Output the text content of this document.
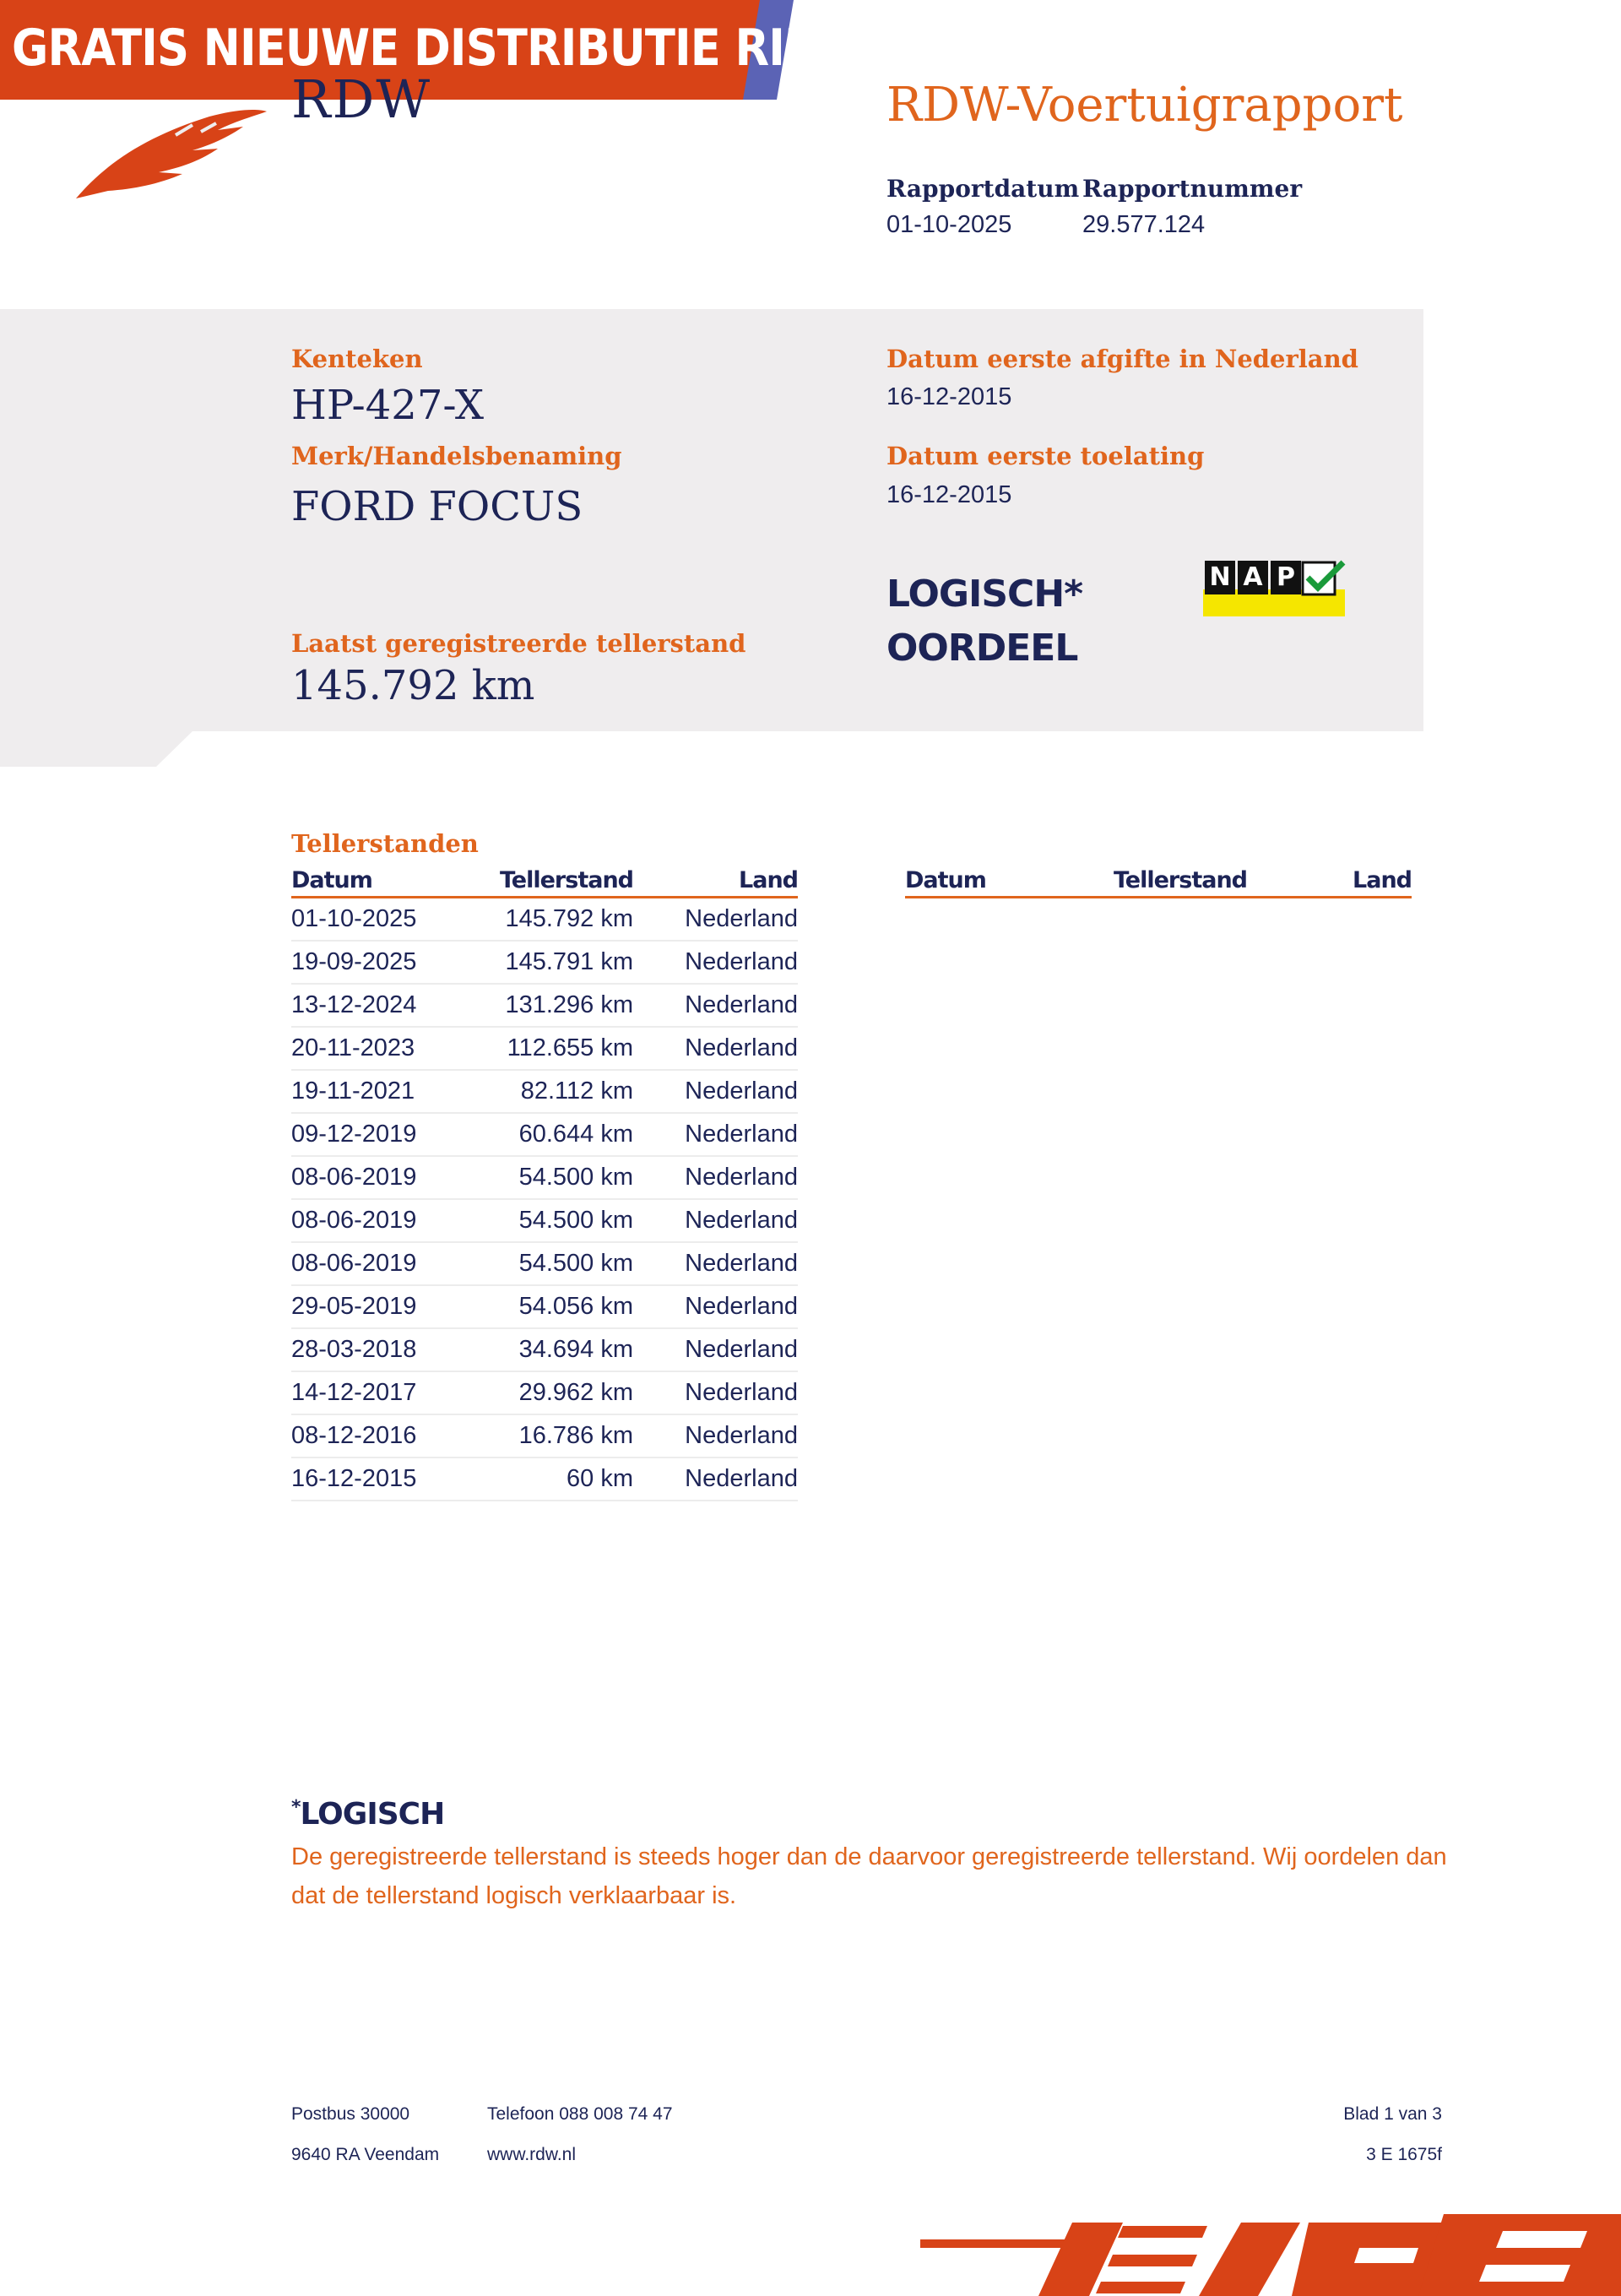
GRATIS NIEUWE DISTRIBUTIE RIEM
RDW	RDW-Voertuigrapport
Rapportdatum
01-10-2025
Rapportnummer
29.577.124
Kenteken
HP-427-X
Merk/Handelsbenaming
FORD FOCUS
Laatst geregistreerde tellerstand
145.792 km
Datum eerste afgifte in Nederland
16-12-2015
Datum eerste toelating
16-12-2015
LOGISCH*
OORDEEL
N A P
Tellerstanden
Datum	Tellerstand	Land
01-10-2025	145.792 km	Nederland
19-09-2025	145.791 km	Nederland
13-12-2024	131.296 km	Nederland
20-11-2023	112.655 km	Nederland
19-11-2021	82.112 km	Nederland
09-12-2019	60.644 km	Nederland
08-06-2019	54.500 km	Nederland
08-06-2019	54.500 km	Nederland
08-06-2019	54.500 km	Nederland
29-05-2019	54.056 km	Nederland
28-03-2018	34.694 km	Nederland
14-12-2017	29.962 km	Nederland
08-12-2016	16.786 km	Nederland
16-12-2015	60 km	Nederland
Datum	Tellerstand	Land
*LOGISCH
De geregistreerde tellerstand is steeds hoger dan de daarvoor geregistreerde tellerstand. Wij oordelen dan dat de tellerstand logisch verklaarbaar is.
Postbus 30000
9640 RA Veendam
Telefoon 088 008 74 47
www.rdw.nl
Blad 1 van 3
3 E 1675f
